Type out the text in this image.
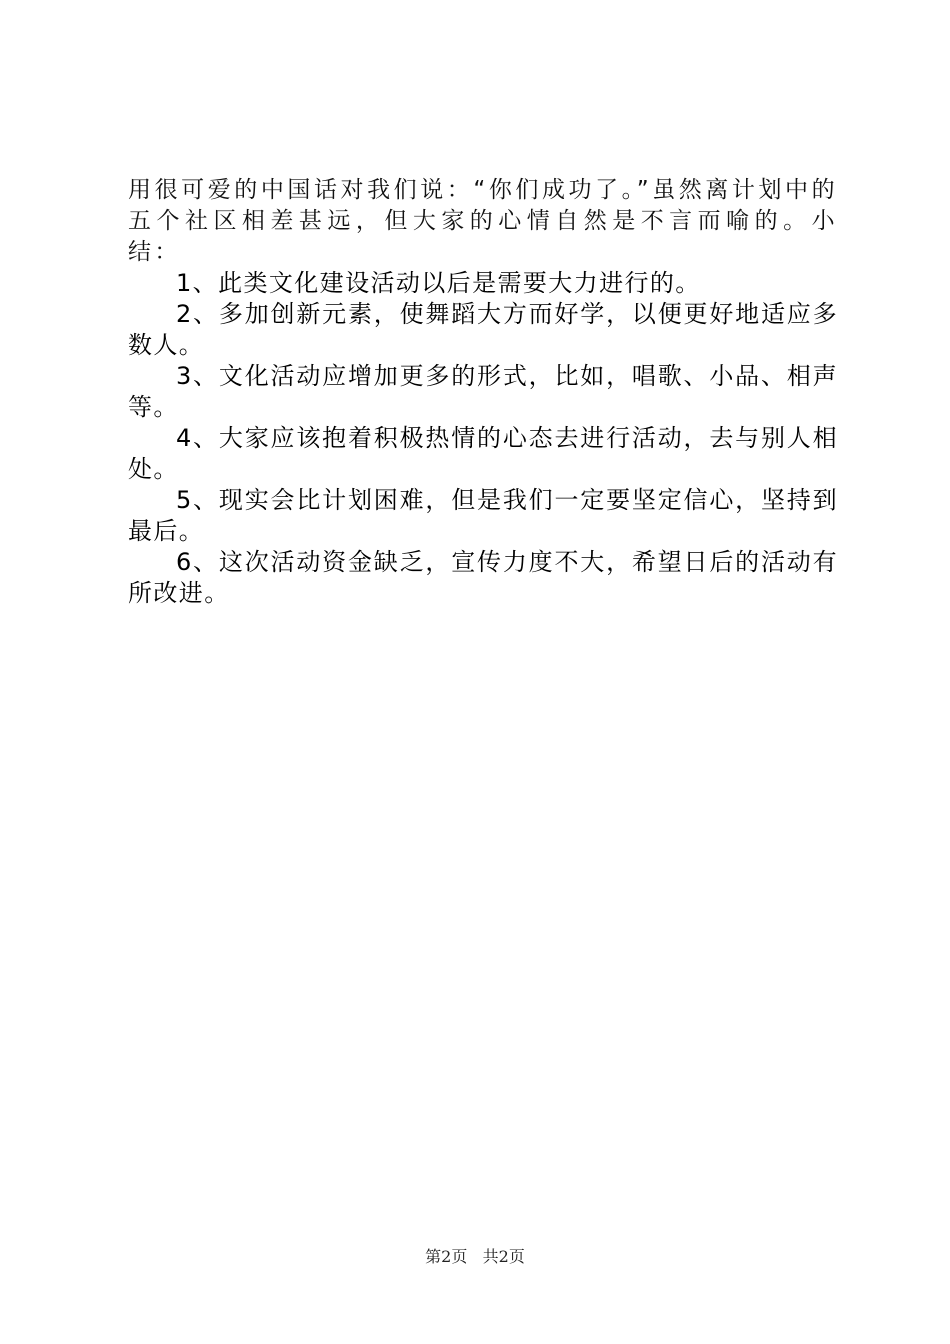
用很可爱的中国话对我们说：“你们成功了。”虽然离计划中的五个社区相差甚远，但大家的心情自然是不言而喻的。小结：

1、此类文化建设活动以后是需要大力进行的。

2、多加创新元素，使舞蹈大方而好学，以便更好地适应多数人。

3、文化活动应增加更多的形式，比如，唱歌、小品、相声等。

4、大家应该抱着积极热情的心态去进行活动，去与别人相处。

5、现实会比计划困难，但是我们一定要坚定信心，坚持到最后。

6、这次活动资金缺乏，宣传力度不大，希望日后的活动有所改进。

第2页 共2页
